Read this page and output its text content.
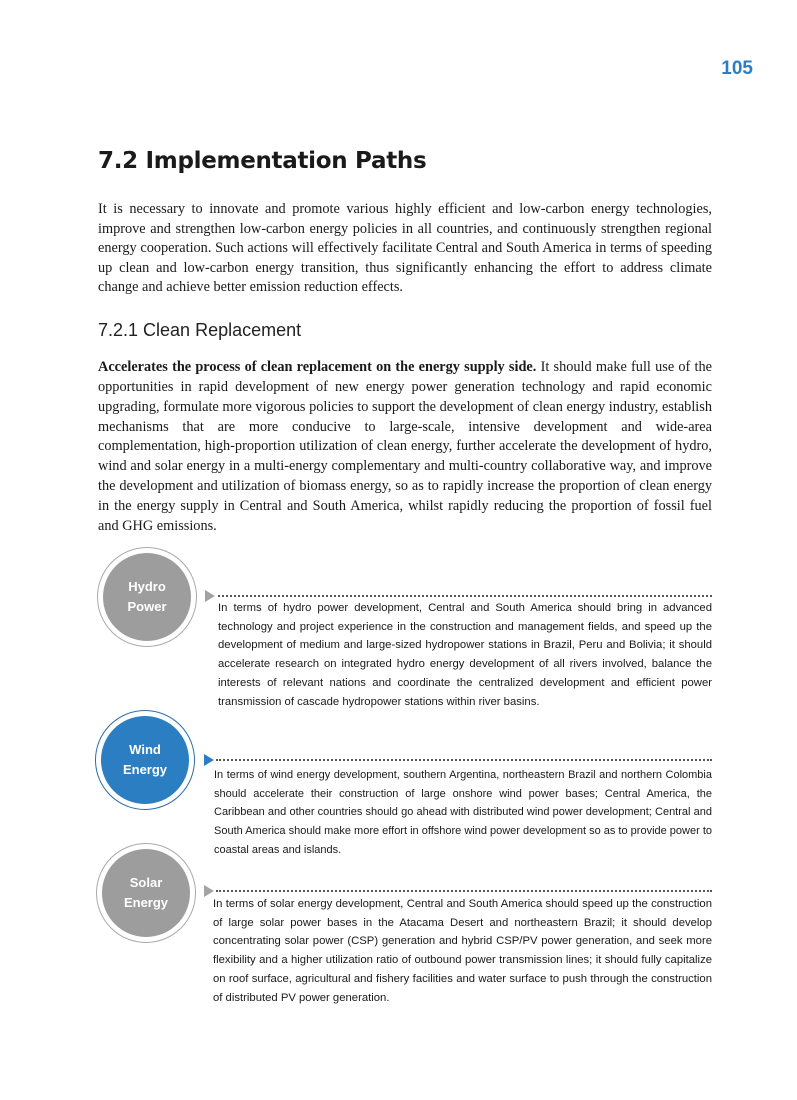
105
7.2 Implementation Paths
It is necessary to innovate and promote various highly efficient and low-carbon energy technologies, improve and strengthen low-carbon energy policies in all countries, and continuously strengthen regional energy cooperation. Such actions will effectively facilitate Central and South America in terms of speeding up clean and low-carbon energy transition, thus significantly enhancing the effort to address climate change and achieve better emission reduction effects.
7.2.1 Clean Replacement
Accelerates the process of clean replacement on the energy supply side. It should make full use of the opportunities in rapid development of new energy power generation technology and rapid economic upgrading, formulate more vigorous policies to support the development of clean energy industry, establish mechanisms that are more conducive to large-scale, intensive development and wide-area complementation, high-proportion utilization of clean energy, further accelerate the development of hydro, wind and solar energy in a multi-energy complementary and multi-country collaborative way, and improve the development and utilization of biomass energy, so as to rapidly increase the proportion of clean energy in the energy supply in Central and South America, whilst rapidly reducing the proportion of fossil fuel and GHG emissions.
Hydro
Power	In terms of hydro power development, Central and South America should bring in advanced technology and project experience in the construction and management fields, and speed up the development of medium and large-sized hydropower stations in Brazil, Peru and Bolivia; it should accelerate research on integrated hydro energy development of all rivers involved, balance the interests of relevant nations and coordinate the centralized development and efficient power transmission of cascade hydropower stations within river basins.
Wind
Energy	In terms of wind energy development, southern Argentina, northeastern Brazil and northern Colombia should accelerate their construction of large onshore wind power bases; Central America, the Caribbean and other countries should go ahead with distributed wind power development; Central and South America should make more effort in offshore wind power development so as to provide power to coastal areas and islands.
Solar
Energy	In terms of solar energy development, Central and South America should speed up the construction of large solar power bases in the Atacama Desert and northeastern Brazil; it should develop concentrating solar power (CSP) generation and hybrid CSP/PV power generation, and seek more flexibility and a higher utilization ratio of outbound power transmission lines; it should fully capitalize on roof surface, agricultural and fishery facilities and water surface to push through the construction of distributed PV power generation.
